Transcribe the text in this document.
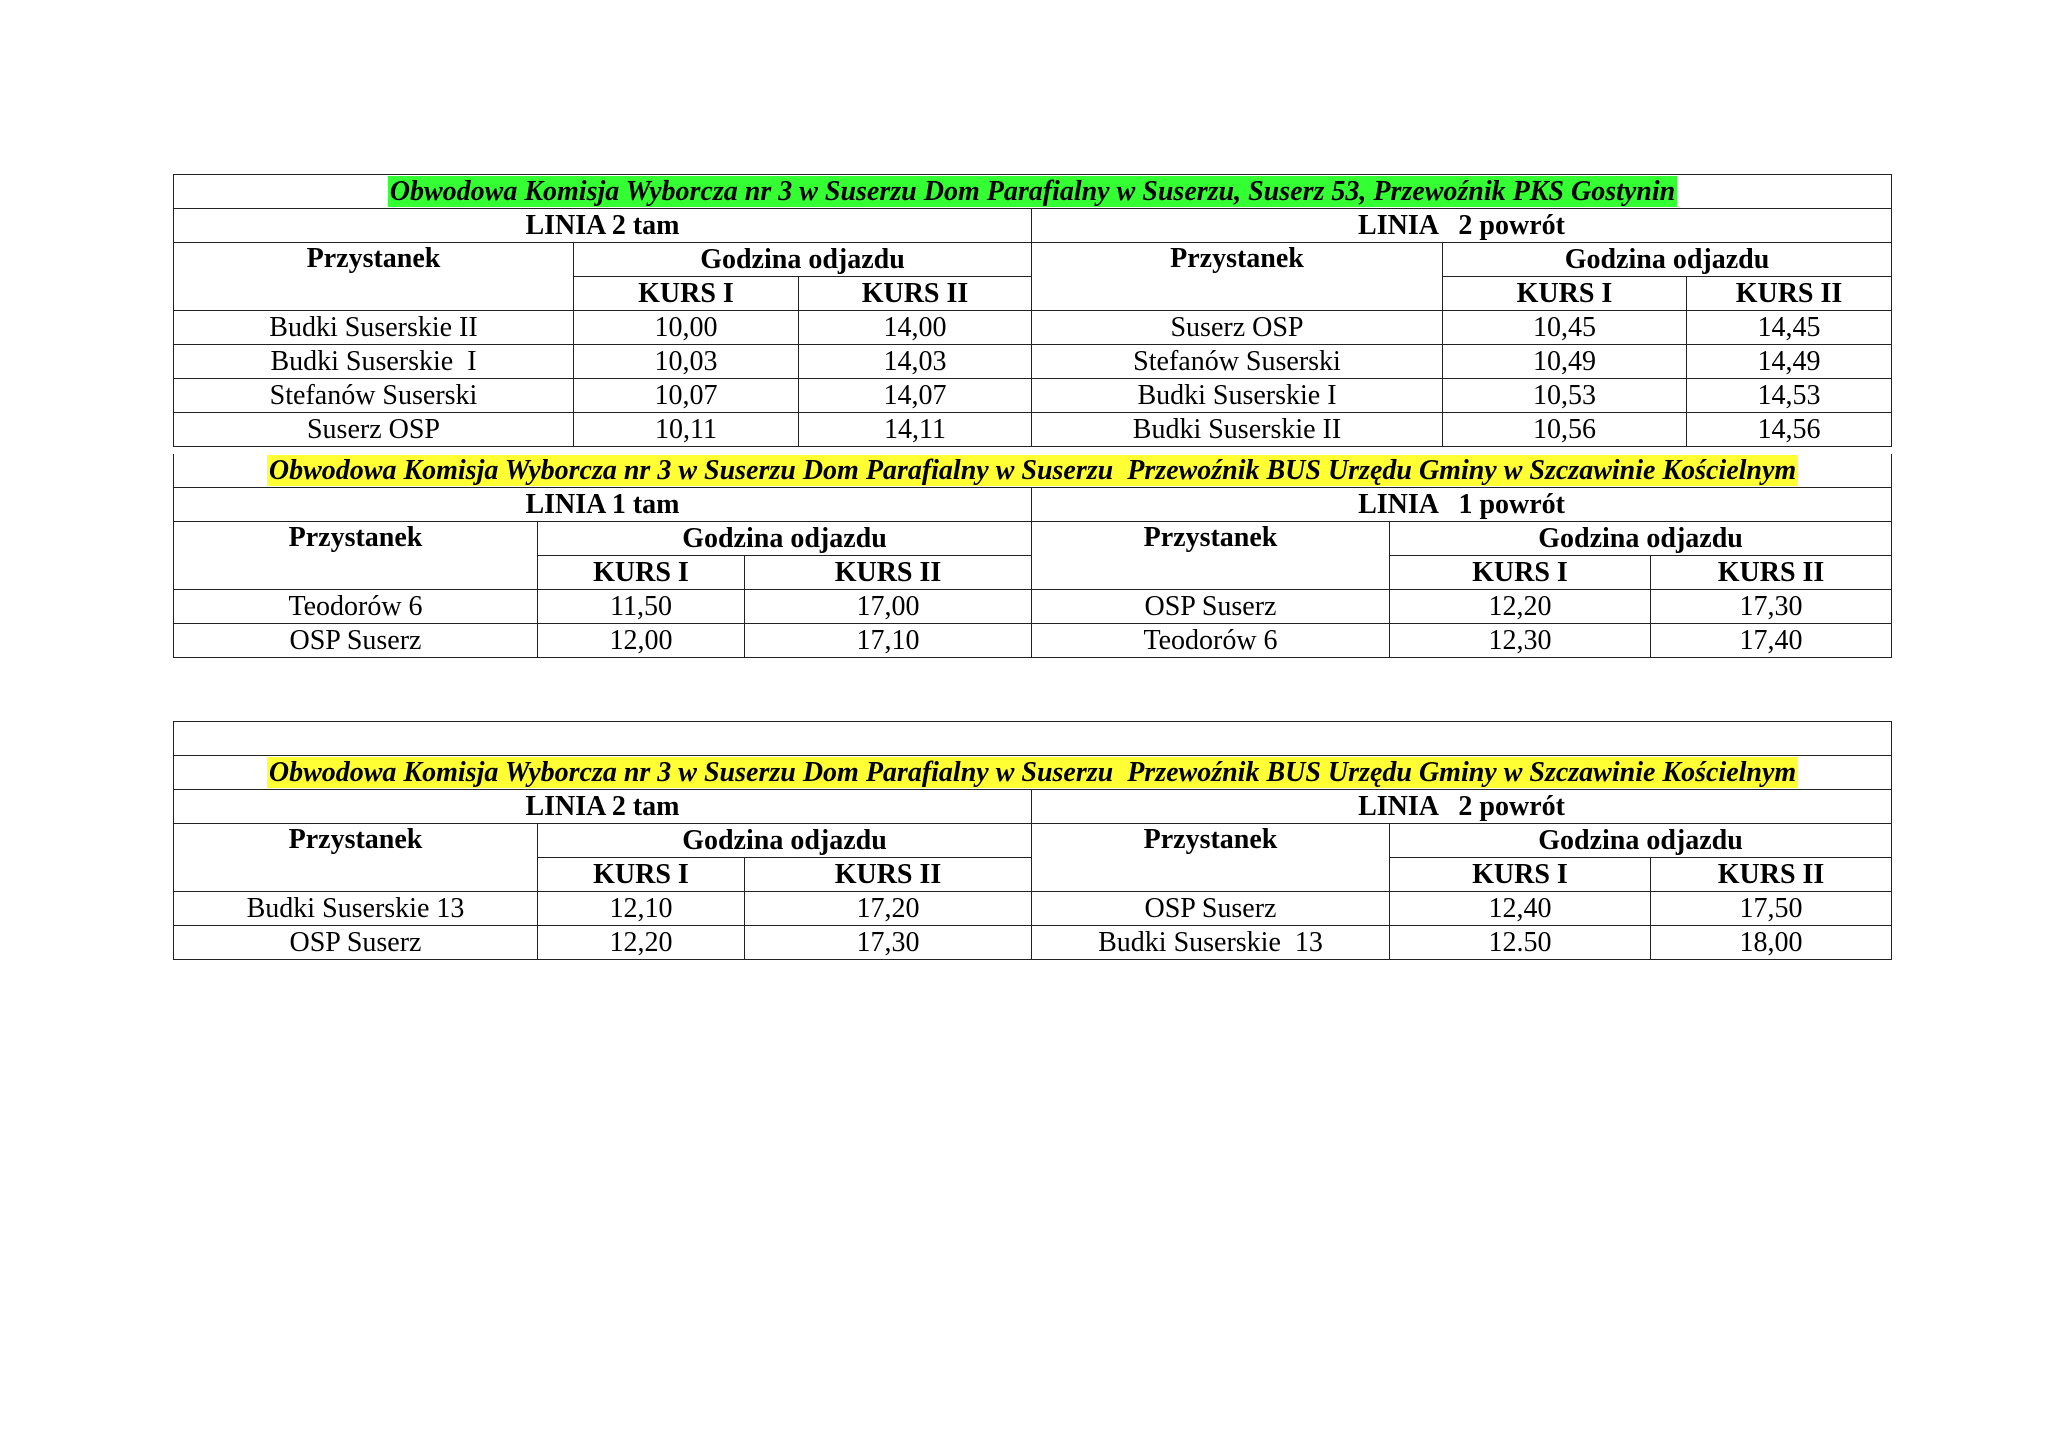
Obwodowa Komisja Wyborcza nr 3 w Suserzu Dom Parafialny w Suserzu, Suserz 53, Przewoźnik PKS Gostynin					
LINIA 2 tam			LINIA   2 powrót		
Przystanek	Godzina odjazdu		Przystanek	Godzina odjazdu	
	KURS I	KURS II		KURS I	KURS II
Budki Suserskie II	10,00	14,00	Suserz OSP	10,45	14,45
Budki Suserskie  I	10,03	14,03	Stefanów Suserski	10,49	14,49
Stefanów Suserski	10,07	14,07	Budki Suserskie I	10,53	14,53
Suserz OSP	10,11	14,11	Budki Suserskie II	10,56	14,56
Obwodowa Komisja Wyborcza nr 3 w Suserzu Dom Parafialny w Suserzu  Przewoźnik BUS Urzędu Gminy w Szczawinie Kościelnym					
LINIA 1 tam			LINIA   1 powrót		
Przystanek	Godzina odjazdu		Przystanek	Godzina odjazdu	
	KURS I	KURS II		KURS I	KURS II
Teodorów 6	11,50	17,00	OSP Suserz	12,20	17,30
OSP Suserz	12,00	17,10	Teodorów 6	12,30	17,40

Obwodowa Komisja Wyborcza nr 3 w Suserzu Dom Parafialny w Suserzu  Przewoźnik BUS Urzędu Gminy w Szczawinie Kościelnym					
LINIA 2 tam			LINIA   2 powrót		
Przystanek	Godzina odjazdu		Przystanek	Godzina odjazdu	
	KURS I	KURS II		KURS I	KURS II
Budki Suserskie 13	12,10	17,20	OSP Suserz	12,40	17,50
OSP Suserz	12,20	17,30	Budki Suserskie  13	12.50	18,00
